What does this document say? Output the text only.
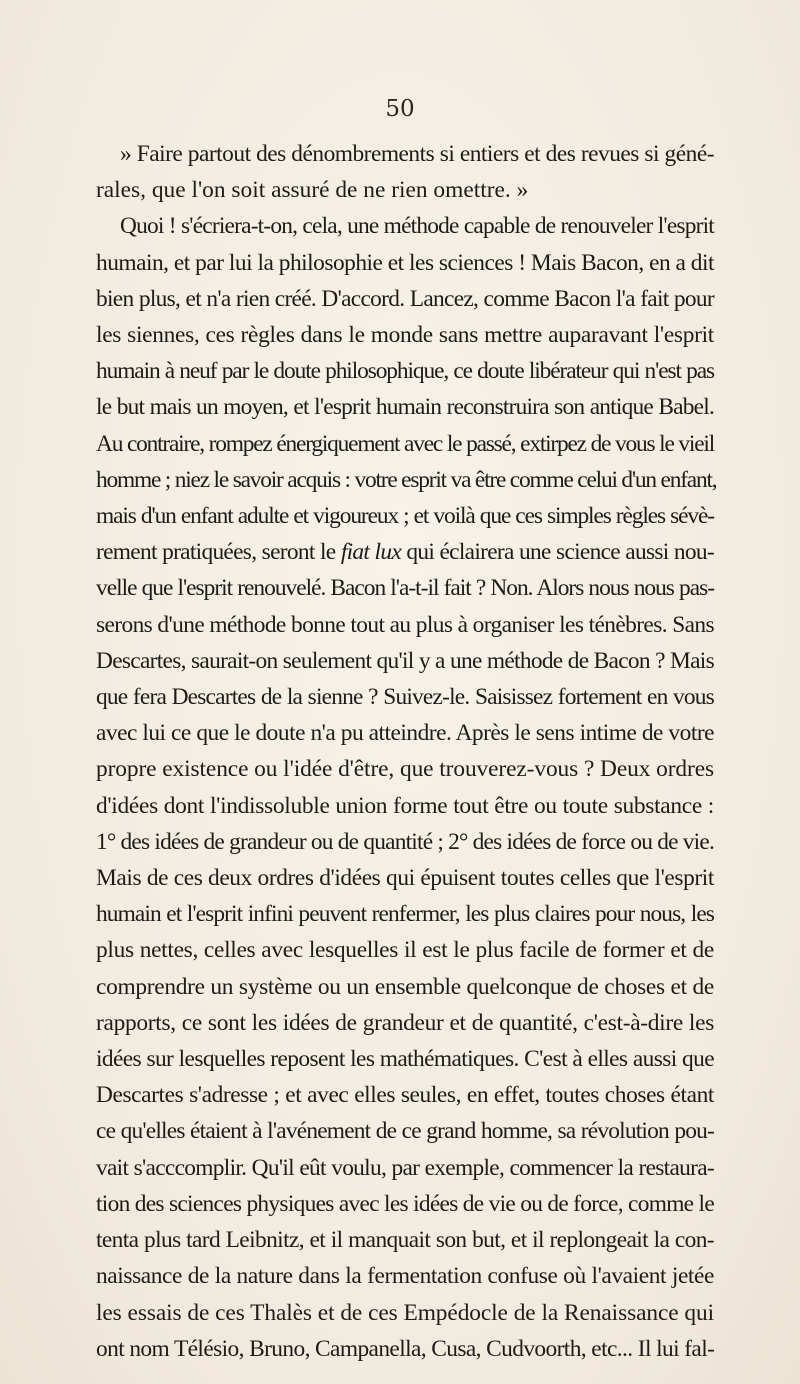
50
» Faire partout des dénombrements si entiers et des revues si géné-
rales, que l'on soit assuré de ne rien omettre. »
Quoi ! s'écriera-t-on, cela, une méthode capable de renouveler l'esprit
humain, et par lui la philosophie et les sciences ! Mais Bacon, en a dit
bien plus, et n'a rien créé. D'accord. Lancez, comme Bacon l'a fait pour
les siennes, ces règles dans le monde sans mettre auparavant l'esprit
humain à neuf par le doute philosophique, ce doute libérateur qui n'est pas
le but mais un moyen, et l'esprit humain reconstruira son antique Babel.
Au contraire, rompez énergiquement avec le passé, extirpez de vous le vieil
homme ; niez le savoir acquis : votre esprit va être comme celui d'un enfant,
mais d'un enfant adulte et vigoureux ; et voilà que ces simples règles sévè-
rement pratiquées, seront le fiat lux qui éclairera une science aussi nou-
velle que l'esprit renouvelé. Bacon l'a-t-il fait ? Non. Alors nous nous pas-
serons d'une méthode bonne tout au plus à organiser les ténèbres. Sans
Descartes, saurait-on seulement qu'il y a une méthode de Bacon ? Mais
que fera Descartes de la sienne ? Suivez-le. Saisissez fortement en vous
avec lui ce que le doute n'a pu atteindre. Après le sens intime de votre
propre existence ou l'idée d'être, que trouverez-vous ? Deux ordres
d'idées dont l'indissoluble union forme tout être ou toute substance :
1° des idées de grandeur ou de quantité ; 2° des idées de force ou de vie.
Mais de ces deux ordres d'idées qui épuisent toutes celles que l'esprit
humain et l'esprit infini peuvent renfermer, les plus claires pour nous, les
plus nettes, celles avec lesquelles il est le plus facile de former et de
comprendre un système ou un ensemble quelconque de choses et de
rapports, ce sont les idées de grandeur et de quantité, c'est-à-dire les
idées sur lesquelles reposent les mathématiques. C'est à elles aussi que
Descartes s'adresse ; et avec elles seules, en effet, toutes choses étant
ce qu'elles étaient à l'avénement de ce grand homme, sa révolution pou-
vait s'acccomplir. Qu'il eût voulu, par exemple, commencer la restaura-
tion des sciences physiques avec les idées de vie ou de force, comme le
tenta plus tard Leibnitz, et il manquait son but, et il replongeait la con-
naissance de la nature dans la fermentation confuse où l'avaient jetée
les essais de ces Thalès et de ces Empédocle de la Renaissance qui
ont nom Télésio, Bruno, Campanella, Cusa, Cudvoorth, etc... Il lui fal-
